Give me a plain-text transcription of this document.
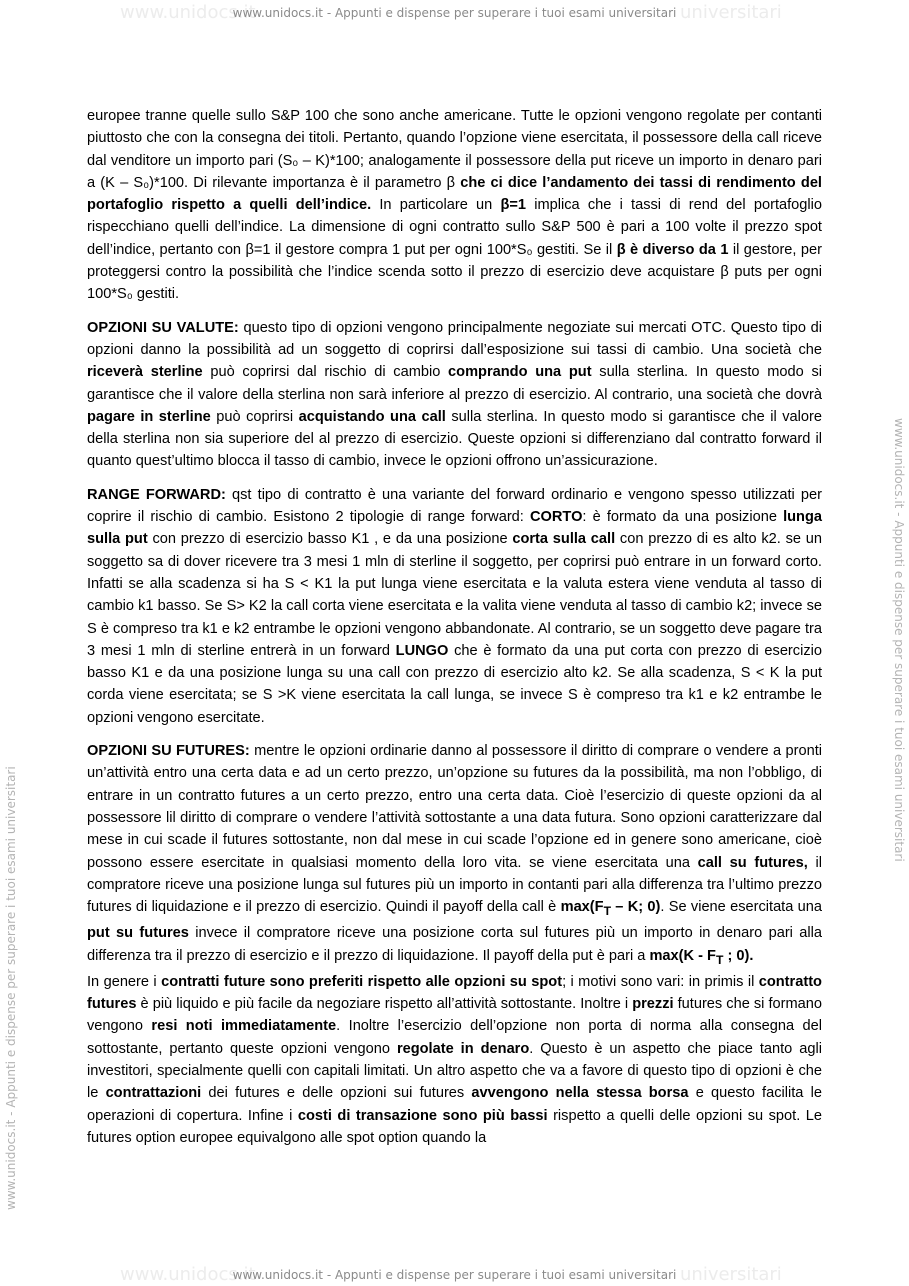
www.unidocs.it	universitari
www.unidocs.it - Appunti e dispense per superare i tuoi esami universitari
www.unidocs.it - Appunti e dispense per superare i tuoi esami universitari
www.unidocs.it - Appunti e dispense per superare i tuoi esami universitari

europee tranne quelle sullo S&P 100 che sono anche americane. Tutte le opzioni vengono regolate per contanti piuttosto che con la consegna dei titoli. Pertanto, quando l’opzione viene esercitata, il possessore della call riceve dal venditore un importo pari (S₀ – K)*100; analogamente il possessore della put riceve un importo in denaro pari a (K – S₀)*100. Di rilevante importanza è il parametro β che ci dice l’andamento dei tassi di rendimento del portafoglio rispetto a quelli dell’indice. In particolare un β=1 implica che i tassi di rend del portafoglio rispecchiano quelli dell’indice. La dimensione di ogni contratto sullo S&P 500 è pari a 100 volte il prezzo spot dell’indice, pertanto con β=1 il gestore compra 1 put per ogni 100*S₀ gestiti. Se il β è diverso da 1 il gestore, per proteggersi contro la possibilità che l’indice scenda sotto il prezzo di esercizio deve acquistare β puts per ogni 100*S₀ gestiti.

OPZIONI SU VALUTE: questo tipo di opzioni vengono principalmente negoziate sui mercati OTC. Questo tipo di opzioni danno la possibilità ad un soggetto di coprirsi dall’esposizione sui tassi di cambio. Una società che riceverà sterline può coprirsi dal rischio di cambio comprando una put sulla sterlina. In questo modo si garantisce che il valore della sterlina non sarà inferiore al prezzo di esercizio. Al contrario, una società che dovrà pagare in sterline può coprirsi acquistando una call sulla sterlina. In questo modo si garantisce che il valore della sterlina non sia superiore del al prezzo di esercizio. Queste opzioni si differenziano dal contratto forward il quanto quest’ultimo blocca il tasso di cambio, invece le opzioni offrono un’assicurazione.

RANGE FORWARD: qst tipo di contratto è una variante del forward ordinario e vengono spesso utilizzati per coprire il rischio di cambio. Esistono 2 tipologie di range forward: CORTO: è formato da una posizione lunga sulla put con prezzo di esercizio basso K1 , e da una posizione corta sulla call con prezzo di es alto k2. se un soggetto sa di dover ricevere tra 3 mesi 1 mln di sterline il soggetto, per coprirsi può entrare in un forward corto. Infatti se alla scadenza si ha S < K1 la put lunga viene esercitata e la valuta estera viene venduta al tasso di cambio k1 basso. Se S> K2 la call corta viene esercitata e la valita viene venduta al tasso di cambio k2; invece se S è compreso tra k1 e k2 entrambe le opzioni vengono abbandonate. Al contrario, se un soggetto deve pagare tra 3 mesi 1 mln di sterline entrerà in un forward LUNGO che è formato da una put corta con prezzo di esercizio basso K1 e da una posizione lunga su una call con prezzo di esercizio alto k2. Se alla scadenza, S < K la put corda viene esercitata; se S >K viene esercitata la call lunga, se invece S è compreso tra k1 e k2 entrambe le opzioni vengono esercitate.

OPZIONI SU FUTURES: mentre le opzioni ordinarie danno al possessore il diritto di comprare o vendere a pronti un’attività entro una certa data e ad un certo prezzo, un’opzione su futures da la possibilità, ma non l’obbligo, di entrare in un contratto futures a un certo prezzo, entro una certa data. Cioè l’esercizio di queste opzioni da al possessore lil diritto di comprare o vendere l’attività sottostante a una data futura. Sono opzioni caratterizzare dal mese in cui scade il futures sottostante, non dal mese in cui scade l’opzione ed in genere sono americane, cioè possono essere esercitate in qualsiasi momento della loro vita. se viene esercitata una call su futures, il compratore riceve una posizione lunga sul futures più un importo in contanti pari alla differenza tra l’ultimo prezzo futures di liquidazione e il prezzo di esercizio. Quindi il payoff della call è $\max(F_T$ – K; 0). Se viene esercitata una put su futures invece il compratore riceve una posizione corta sul futures più un importo in denaro pari alla differenza tra il prezzo di esercizio e il prezzo di liquidazione. Il payoff della put è pari a $\max(K - F_T$ ; 0).

In genere i contratti future sono preferiti rispetto alle opzioni su spot; i motivi sono vari: in primis il contratto futures è più liquido e più facile da negoziare rispetto all’attività sottostante. Inoltre i prezzi futures che si formano vengono resi noti immediatamente. Inoltre l’esercizio dell’opzione non porta di norma alla consegna del sottostante, pertanto queste opzioni vengono regolate in denaro. Questo è un aspetto che piace tanto agli investitori, specialmente quelli con capitali limitati. Un altro aspetto che va a favore di questo tipo di opzioni è che le contrattazioni dei futures e delle opzioni sui futures avvengono nella stessa borsa e questo facilita le operazioni di copertura. Infine i costi di transazione sono più bassi rispetto a quelli delle opzioni su spot. Le futures option europee equivalgono alle spot option quando la

www.unidocs.it	universitari
www.unidocs.it - Appunti e dispense per superare i tuoi esami universitari
